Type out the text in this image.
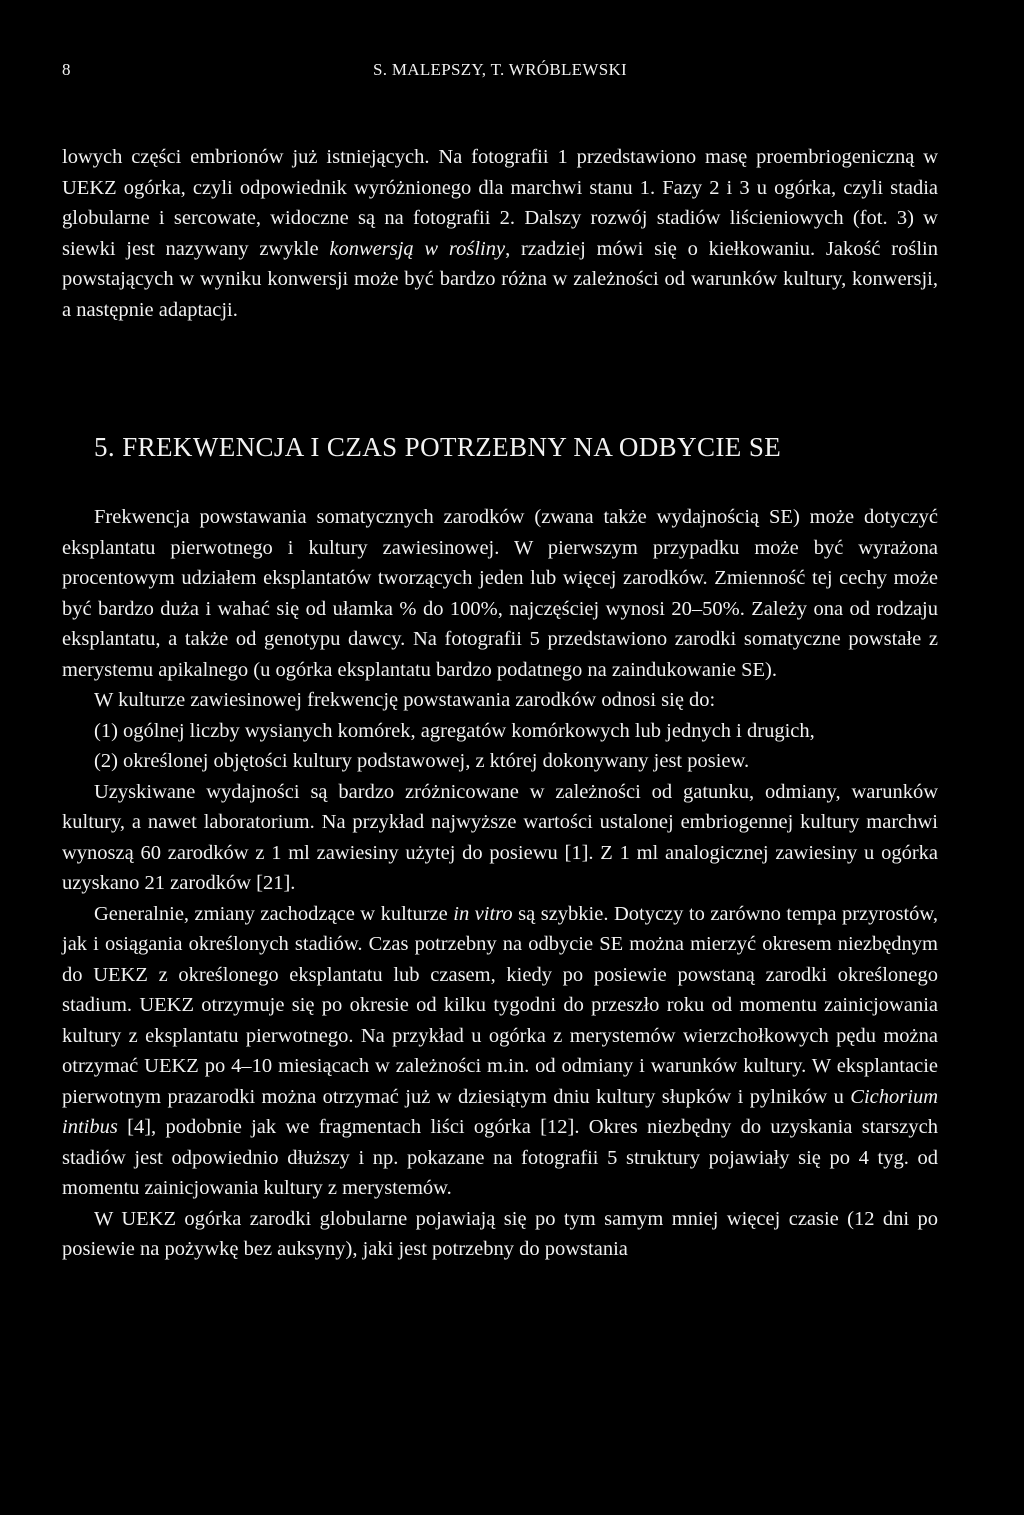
8	S. MALEPSZY, T. WRÓBLEWSKI

lowych części embrionów już istniejących. Na fotografii 1 przedstawiono masę proembriogeniczną w UEKZ ogórka, czyli odpowiednik wyróżnionego dla marchwi stanu 1. Fazy 2 i 3 u ogórka, czyli stadia globularne i sercowate, widoczne są na fotografii 2. Dalszy rozwój stadiów liścieniowych (fot. 3) w siewki jest nazywany zwykle konwersją w rośliny, rzadziej mówi się o kiełkowaniu. Jakość roślin powstających w wyniku konwersji może być bardzo różna w zależności od warunków kultury, konwersji, a następnie adaptacji.

5. FREKWENCJA I CZAS POTRZEBNY NA ODBYCIE SE

Frekwencja powstawania somatycznych zarodków (zwana także wydajnością SE) może dotyczyć eksplantatu pierwotnego i kultury zawiesinowej. W pierwszym przypadku może być wyrażona procentowym udziałem eksplantatów tworzących jeden lub więcej zarodków. Zmienność tej cechy może być bardzo duża i wahać się od ułamka % do 100%, najczęściej wynosi 20–50%. Zależy ona od rodzaju eksplantatu, a także od genotypu dawcy. Na fotografii 5 przedstawiono zarodki somatyczne powstałe z merystemu apikalnego (u ogórka eksplantatu bardzo podatnego na zaindukowanie SE).

W kulturze zawiesinowej frekwencję powstawania zarodków odnosi się do:

(1) ogólnej liczby wysianych komórek, agregatów komórkowych lub jednych i drugich,

(2) określonej objętości kultury podstawowej, z której dokonywany jest posiew.

Uzyskiwane wydajności są bardzo zróżnicowane w zależności od gatunku, odmiany, warunków kultury, a nawet laboratorium. Na przykład najwyższe wartości ustalonej embriogennej kultury marchwi wynoszą 60 zarodków z 1 ml zawiesiny użytej do posiewu [1]. Z 1 ml analogicznej zawiesiny u ogórka uzyskano 21 zarodków [21].

Generalnie, zmiany zachodzące w kulturze in vitro są szybkie. Dotyczy to zarówno tempa przyrostów, jak i osiągania określonych stadiów. Czas potrzebny na odbycie SE można mierzyć okresem niezbędnym do UEKZ z określonego eksplantatu lub czasem, kiedy po posiewie powstaną zarodki określonego stadium. UEKZ otrzymuje się po okresie od kilku tygodni do przeszło roku od momentu zainicjowania kultury z eksplantatu pierwotnego. Na przykład u ogórka z merystemów wierzchołkowych pędu można otrzymać UEKZ po 4–10 miesiącach w zależności m.in. od odmiany i warunków kultury. W eksplantacie pierwotnym prazarodki można otrzymać już w dziesiątym dniu kultury słupków i pylników u Cichorium intibus [4], podobnie jak we fragmentach liści ogórka [12]. Okres niezbędny do uzyskania starszych stadiów jest odpowiednio dłuższy i np. pokazane na fotografii 5 struktury pojawiały się po 4 tyg. od momentu zainicjowania kultury z merystemów.

W UEKZ ogórka zarodki globularne pojawiają się po tym samym mniej więcej czasie (12 dni po posiewie na pożywkę bez auksyny), jaki jest potrzebny do powstania
